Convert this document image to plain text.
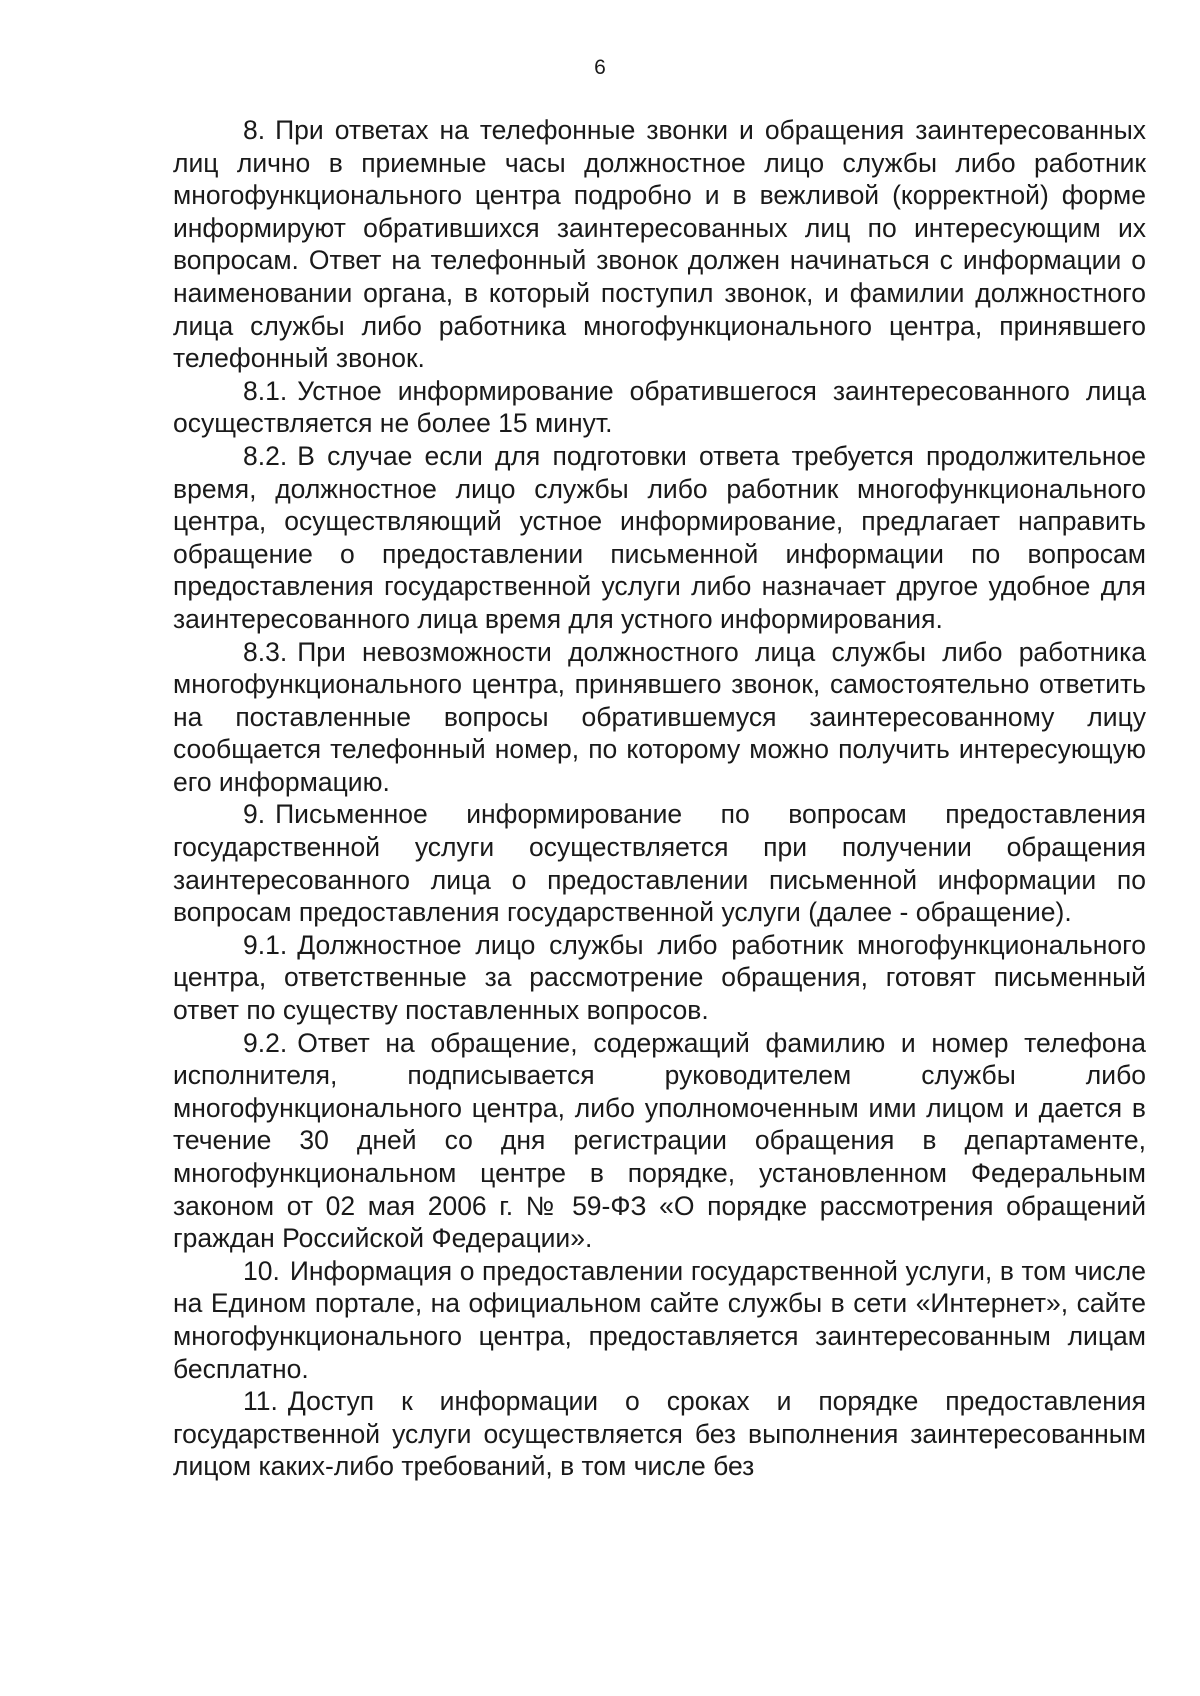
6

8. При ответах на телефонные звонки и обращения заинтересованных лиц лично в приемные часы должностное лицо службы либо работник многофункционального центра подробно и в вежливой (корректной) форме информируют обратившихся заинтересованных лиц по интересующим их вопросам. Ответ на телефонный звонок должен начинаться с информации о наименовании органа, в который поступил звонок, и фамилии должностного лица службы либо работника многофункционального центра, принявшего телефонный звонок.

8.1. Устное информирование обратившегося заинтересованного лица осуществляется не более 15 минут.

8.2. В случае если для подготовки ответа требуется продолжительное время, должностное лицо службы либо работник многофункционального центра, осуществляющий устное информирование, предлагает направить обращение о предоставлении письменной информации по вопросам предоставления государственной услуги либо назначает другое удобное для заинтересованного лица время для устного информирования.

8.3. При невозможности должностного лица службы либо работника многофункционального центра, принявшего звонок, самостоятельно ответить на поставленные вопросы обратившемуся заинтересованному лицу сообщается телефонный номер, по которому можно получить интересующую его информацию.

9. Письменное информирование по вопросам предоставления государственной услуги осуществляется при получении обращения заинтересованного лица о предоставлении письменной информации по вопросам предоставления государственной услуги (далее - обращение).

9.1. Должностное лицо службы либо работник многофункционального центра, ответственные за рассмотрение обращения, готовят письменный ответ по существу поставленных вопросов.

9.2. Ответ на обращение, содержащий фамилию и номер телефона исполнителя, подписывается руководителем службы либо многофункционального центра, либо уполномоченным ими лицом и дается в течение 30 дней со дня регистрации обращения в департаменте, многофункциональном центре в порядке, установленном Федеральным законом от 02 мая 2006 г. № 59-ФЗ «О порядке рассмотрения обращений граждан Российской Федерации».

10. Информация о предоставлении государственной услуги, в том числе на Едином портале, на официальном сайте службы в сети «Интернет», сайте многофункционального центра, предоставляется заинтересованным лицам бесплатно.

11. Доступ к информации о сроках и порядке предоставления государственной услуги осуществляется без выполнения заинтересованным лицом каких-либо требований, в том числе без
